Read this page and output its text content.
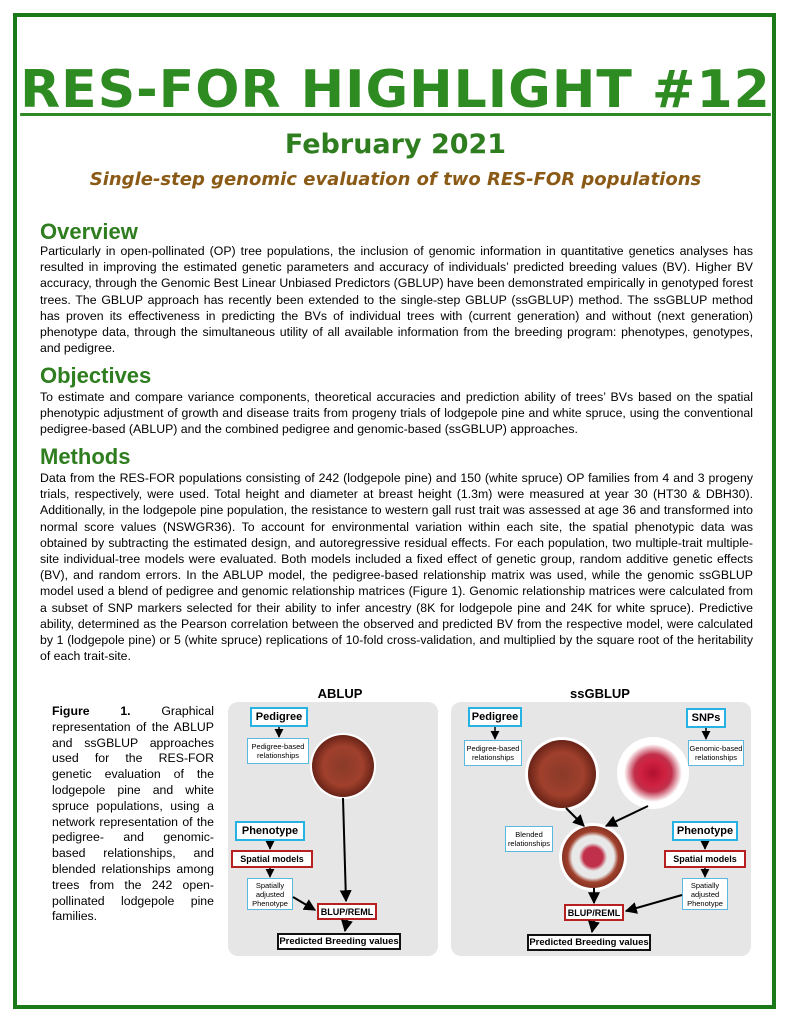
RES-FOR HIGHLIGHT #12
February 2021
Single-step genomic evaluation of two RES-FOR populations
Overview

Particularly in open-pollinated (OP) tree populations, the inclusion of genomic information in quantitative genetics analyses has resulted in improving the estimated genetic parameters and accuracy of individuals’ predicted breeding values (BV). Higher BV accuracy, through the Genomic Best Linear Unbiased Predictors (GBLUP) have been demonstrated empirically in genotyped forest trees. The GBLUP approach has recently been extended to the single-step GBLUP (ssGBLUP) method. The ssGBLUP method has proven its effectiveness in predicting the BVs of individual trees with (current generation) and without (next generation) phenotype data, through the simultaneous utility of all available information from the breeding program: phenotypes, genotypes, and pedigree.

Objectives

To estimate and compare variance components, theoretical accuracies and prediction ability of trees’ BVs based on the spatial phenotypic adjustment of growth and disease traits from progeny trials of lodgepole pine and white spruce, using the conventional pedigree-based (ABLUP) and the combined pedigree and genomic-based (ssGBLUP) approaches.

Methods

Data from the RES-FOR populations consisting of 242 (lodgepole pine) and 150 (white spruce) OP families from 4 and 3 progeny trials, respectively, were used. Total height and diameter at breast height (1.3m) were measured at year 30 (HT30 & DBH30). Additionally, in the lodgepole pine population, the resistance to western gall rust trait was assessed at age 36 and transformed into normal score values (NSWGR36). To account for environmental variation within each site, the spatial phenotypic data was obtained by subtracting the estimated design, and autoregressive residual effects. For each population, two multiple-trait multiple-site individual-tree models were evaluated. Both models included a fixed effect of genetic group, random additive genetic effects (BV), and random errors. In the ABLUP model, the pedigree-based relationship matrix was used, while the genomic ssGBLUP model used a blend of pedigree and genomic relationship matrices (Figure 1). Genomic relationship matrices were calculated from a subset of SNP markers selected for their ability to infer ancestry (8K for lodgepole pine and 24K for white spruce). Predictive ability, determined as the Pearson correlation between the observed and predicted BV from the respective model, were calculated by 1 (lodgepole pine) or 5 (white spruce) replications of 10-fold cross-validation, and multiplied by the square root of the heritability of each trait-site.

Figure 1.	Graphical representation of the ABLUP and ssGBLUP approaches used for the RES-FOR genetic evaluation of the lodgepole pine and white spruce populations, using a network representation of the pedigree- and genomic-based relationships, and blended relationships among trees from the 242 open-pollinated lodgepole pine families.

ABLUP
Pedigree
Pedigree-based relationships
Phenotype
Spatial models
Spatially adjusted Phenotype
BLUP/REML
Predicted Breeding values
ssGBLUP
Pedigree	SNPs
Pedigree-based relationships
Genomic-based relationships
Blended relationships
Phenotype
Spatial models
Spatially adjusted Phenotype
BLUP/REML
Predicted Breeding values
